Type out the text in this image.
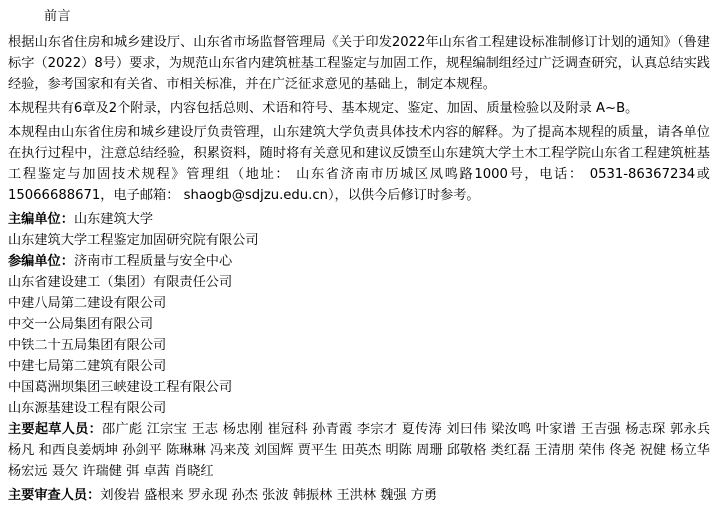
前言

根据山东省住房和城乡建设厅、山东省市场监督管理局《关于印发2022年山东省工程建设标准制修订计划的通知》（鲁建标字（2022）8号）要求，为规范山东省内建筑桩基工程鉴定与加固工作，规程编制组经过广泛调查研究，认真总结实践经验，参考国家和有关省、市相关标准，并在广泛征求意见的基础上，制定本规程。

本规程共有6章及2个附录，内容包括总则、术语和符号、基本规定、鉴定、加固、质量检验以及附录 A~B。

本规程由山东省住房和城乡建设厅负责管理，山东建筑大学负责具体技术内容的解释。为了提高本规程的质量，请各单位在执行过程中，注意总结经验，积累资料，随时将有关意见和建议反馈至山东建筑大学土木工程学院山东省工程建筑桩基工程鉴定与加固技术规程》管理组（地址： 山东省济南市历城区凤鸣路1000号，电话： 0531-86367234或15066688671，电子邮箱： shaogb@sdjzu.edu.cn），以供今后修订时参考。

主编单位：山东建筑大学

山东建筑大学工程鉴定加固研究院有限公司

参编单位：济南市工程质量与安全中心

山东省建设建工（集团）有限责任公司

中建八局第二建设有限公司

中交一公局集团有限公司

中铁二十五局集团有限公司

中建七局第二建筑有限公司

中国葛洲坝集团三峡建设工程有限公司

山东源基建设工程有限公司

主要起草人员：邵广彪 江宗宝 王志 杨忠刚 崔冠科 孙青霞 李宗才 夏传涛 刘曰伟 梁汝鸣 叶家谱 王吉强 杨志琛 郭永兵 杨凡 和西良姜炳坤 孙剑平 陈琳琳 冯来茂 刘国辉 贾平生 田英杰 明陈 周珊 邱敬格 类红磊 王清朋 荣伟 佟尧 祝健 杨立华 杨宏远 聂欠 许瑞健 弭 卓茜 肖晓红

主要审查人员：刘俊岩 盛根来 罗永现 孙杰 张波 韩振林 王洪林 魏强 方勇
